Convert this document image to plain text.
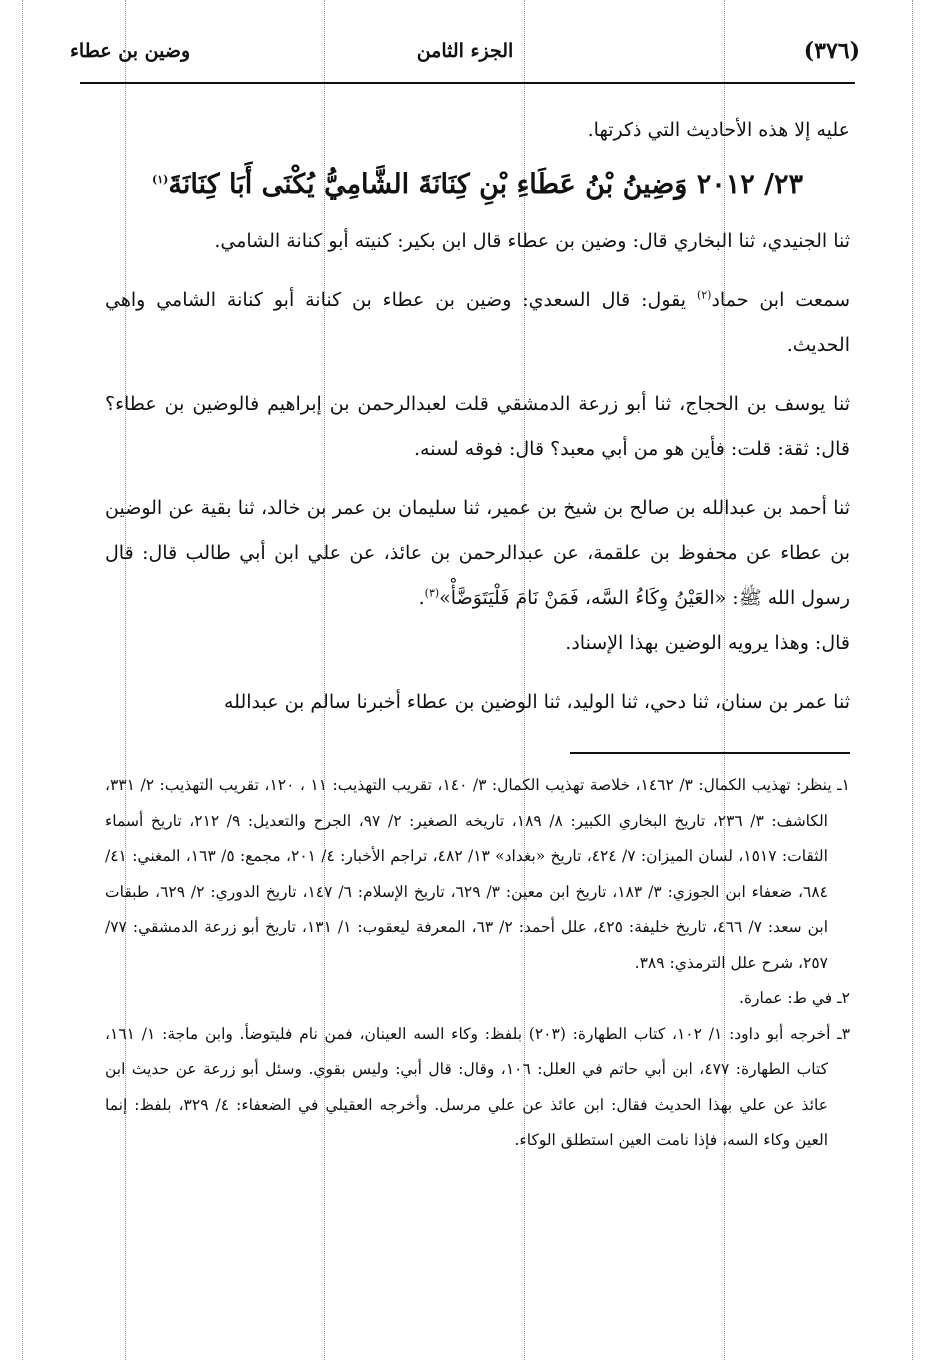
(٣٧٦)
الجزء الثامن
وضين بن عطاء

عليه إلا هذه الأحاديث التي ذكرتها.

٢٣/ ٢٠١٢ وَضِينُ بْنُ عَطَاءِ بْنِ كِنَانَةَ الشَّامِيُّ يُكْنَى أَبَا كِنَانَةَ$^{(١)}$

ثنا الجنيدي، ثنا البخاري قال: وضين بن عطاء قال ابن بكير: كنيته أبو كنانة الشامي.

سمعت ابن حماد$^{(٢)}$ يقول: قال السعدي: وضين بن عطاء بن كنانة أبو كنانة الشامي واهي الحديث.

ثنا يوسف بن الحجاج، ثنا أبو زرعة الدمشقي قلت لعبدالرحمن بن إبراهيم فالوضين بن عطاء؟ قال: ثقة: قلت: فأين هو من أبي معبد؟ قال: فوقه لسنه.

ثنا أحمد بن عبدالله بن صالح بن شيخ بن عمير، ثنا سليمان بن عمر بن خالد، ثنا بقية عن الوضين بن عطاء عن محفوظ بن علقمة، عن عبدالرحمن بن عائذ، عن علي ابن أبي طالب قال: قال رسول الله ﷺ: «العَيْنُ وِكَاءُ السَّه، فَمَنْ نَامَ فَلْيَتَوَضَّأْ»$^{(٣)}$.

قال: وهذا يرويه الوضين بهذا الإسناد.

ثنا عمر بن سنان، ثنا دحي، ثنا الوليد، ثنا الوضين بن عطاء أخبرنا سالم بن عبدالله

١ـ ينظر: تهذيب الكمال: ٣/ ١٤٦٢، خلاصة تهذيب الكمال: ٣/ ١٤٠، تقريب التهذيب: ١١ ، ١٢٠، تقريب التهذيب: ٢/ ٣٣١، الكاشف: ٣/ ٢٣٦، تاريخ البخاري الكبير: ٨/ ١٨٩، تاريخه الصغير: ٢/ ٩٧، الجرح والتعديل: ٩/ ٢١٢، تاريخ أسماء الثقات: ١٥١٧، لسان الميزان: ٧/ ٤٢٤، تاريخ «بغداد» ١٣/ ٤٨٢، تراجم الأخبار: ٤/ ٢٠١، مجمع: ٥/ ١٦٣، المغني: ٤١/ ٦٨٤، ضعفاء ابن الجوزي: ٣/ ١٨٣، تاريخ ابن معين: ٣/ ٦٢٩، تاريخ الإسلام: ٦/ ١٤٧، تاريخ الدوري: ٢/ ٦٢٩، طبقات ابن سعد: ٧/ ٤٦٦، تاريخ خليفة: ٤٢٥، علل أحمد: ٢/ ٦٣، المعرفة ليعقوب: ١/ ١٣١، تاريخ أبو زرعة الدمشقي: ٧٧/ ٢٥٧، شرح علل الترمذي: ٣٨٩.

٢ـ في ط: عمارة.

٣ـ أخرجه أبو داود: ١/ ١٠٢، كتاب الطهارة: (٢٠٣) بلفظ: وكاء السه العينان، فمن نام فليتوضأ. وابن ماجة: ١/ ١٦١، كتاب الطهارة: ٤٧٧، ابن أبي حاتم في العلل: ١٠٦، وقال: قال أبي: وليس بقوي. وسئل أبو زرعة عن حديث ابن عائذ عن علي بهذا الحديث فقال: ابن عائذ عن علي مرسل. وأخرجه العقيلي في الضعفاء: ٤/ ٣٢٩، بلفظ: إنما العين وكاء السه، فإذا نامت العين استطلق الوكاء.
